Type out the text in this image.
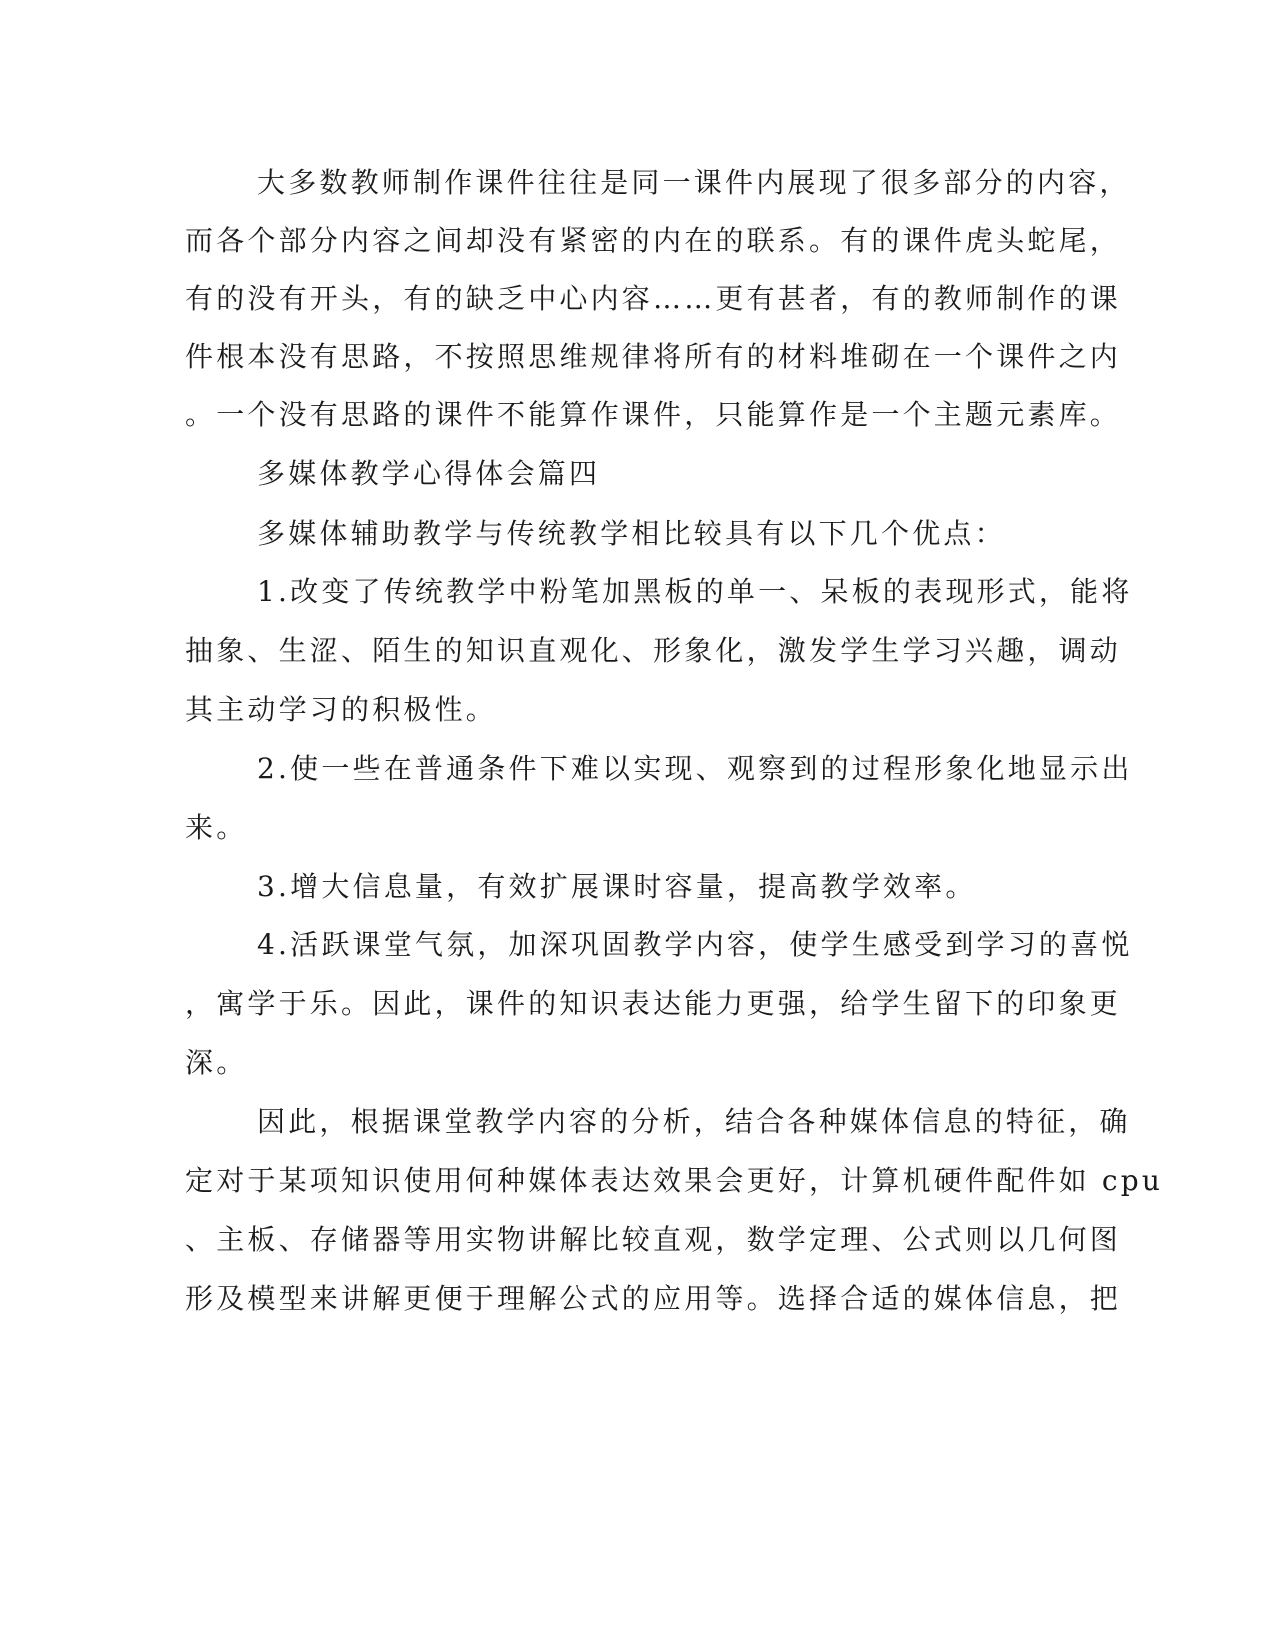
大多数教师制作课件往往是同一课件内展现了很多部分的内容，
而各个部分内容之间却没有紧密的内在的联系。有的课件虎头蛇尾，
有的没有开头，有的缺乏中心内容……更有甚者，有的教师制作的课
件根本没有思路，不按照思维规律将所有的材料堆砌在一个课件之内
。一个没有思路的课件不能算作课件，只能算作是一个主题元素库。
多媒体教学心得体会篇四
多媒体辅助教学与传统教学相比较具有以下几个优点：
1.改变了传统教学中粉笔加黑板的单一、呆板的表现形式，能将
抽象、生涩、陌生的知识直观化、形象化，激发学生学习兴趣，调动
其主动学习的积极性。
2.使一些在普通条件下难以实现、观察到的过程形象化地显示出
来。
3.增大信息量，有效扩展课时容量，提高教学效率。
4.活跃课堂气氛，加深巩固教学内容，使学生感受到学习的喜悦
，寓学于乐。因此，课件的知识表达能力更强，给学生留下的印象更
深。
因此，根据课堂教学内容的分析，结合各种媒体信息的特征，确
定对于某项知识使用何种媒体表达效果会更好，计算机硬件配件如 cpu
、主板、存储器等用实物讲解比较直观，数学定理、公式则以几何图
形及模型来讲解更便于理解公式的应用等。选择合适的媒体信息，把
